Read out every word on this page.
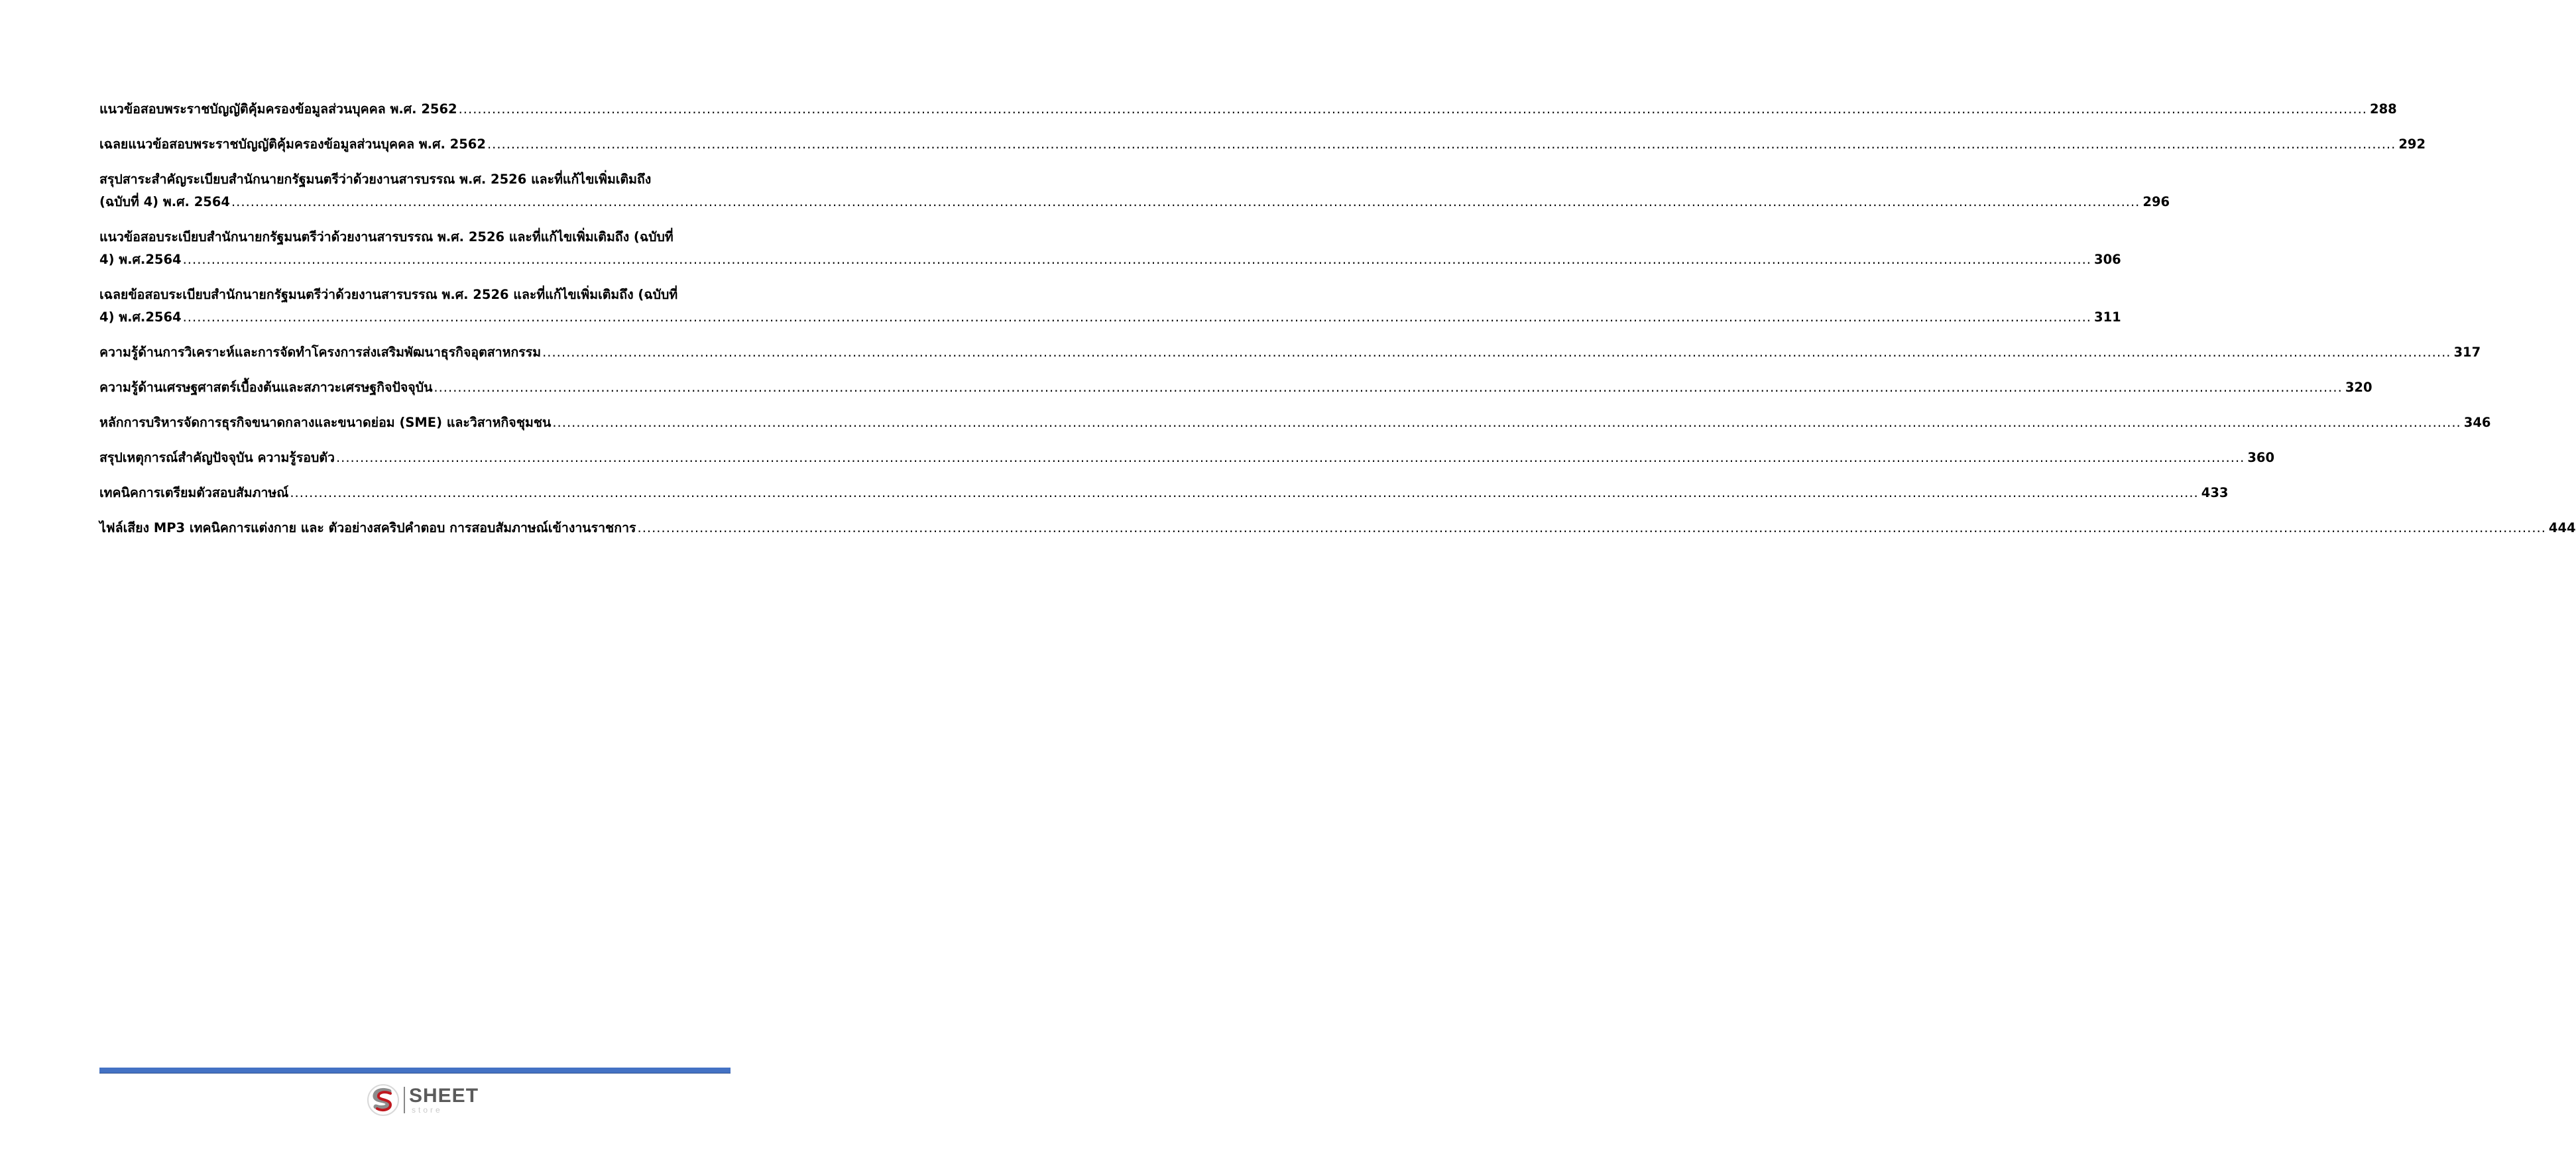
แนวข้อสอบพระราชบัญญัติคุ้มครองข้อมูลส่วนบุคคล พ.ศ. 2562 ................................................................................................................................................................................................................................................................................................................................................................................................................ 288
เฉลยแนวข้อสอบพระราชบัญญัติคุ้มครองข้อมูลส่วนบุคคล พ.ศ. 2562 ................................................................................................................................................................................................................................................................................................................................................................................................................ 292
สรุปสาระสำคัญระเบียบสำนักนายกรัฐมนตรีว่าด้วยงานสารบรรณ พ.ศ. 2526 และที่แก้ไขเพิ่มเติมถึง
(ฉบับที่ 4) พ.ศ. 2564 ................................................................................................................................................................................................................................................................................................................................................................................................................ 296
แนวข้อสอบระเบียบสำนักนายกรัฐมนตรีว่าด้วยงานสารบรรณ พ.ศ. 2526 และที่แก้ไขเพิ่มเติมถึง (ฉบับที่
4) พ.ศ.2564 ................................................................................................................................................................................................................................................................................................................................................................................................................ 306
เฉลยข้อสอบระเบียบสำนักนายกรัฐมนตรีว่าด้วยงานสารบรรณ พ.ศ. 2526 และที่แก้ไขเพิ่มเติมถึง (ฉบับที่
4) พ.ศ.2564 ................................................................................................................................................................................................................................................................................................................................................................................................................ 311
ความรู้ด้านการวิเคราะห์และการจัดทำโครงการส่งเสริมพัฒนาธุรกิจอุตสาหกรรม ................................................................................................................................................................................................................................................................................................................................................................................................................ 317
ความรู้ด้านเศรษฐศาสตร์เบื้องต้นและสภาวะเศรษฐกิจปัจจุบัน ................................................................................................................................................................................................................................................................................................................................................................................................................ 320
หลักการบริหารจัดการธุรกิจขนาดกลางและขนาดย่อม (SME) และวิสาหกิจชุมชน ................................................................................................................................................................................................................................................................................................................................................................................................................ 346
สรุปเหตุการณ์สำคัญปัจจุบัน ความรู้รอบตัว ................................................................................................................................................................................................................................................................................................................................................................................................................ 360
เทคนิคการเตรียมตัวสอบสัมภาษณ์ ................................................................................................................................................................................................................................................................................................................................................................................................................ 433
ไฟล์เสียง MP3 เทคนิคการแต่งกาย และ ตัวอย่างสคริปคำตอบ การสอบสัมภาษณ์เข้างานราชการ ................................................................................................................................................................................................................................................................................................................................................................................................................ 444
SHEET
store
